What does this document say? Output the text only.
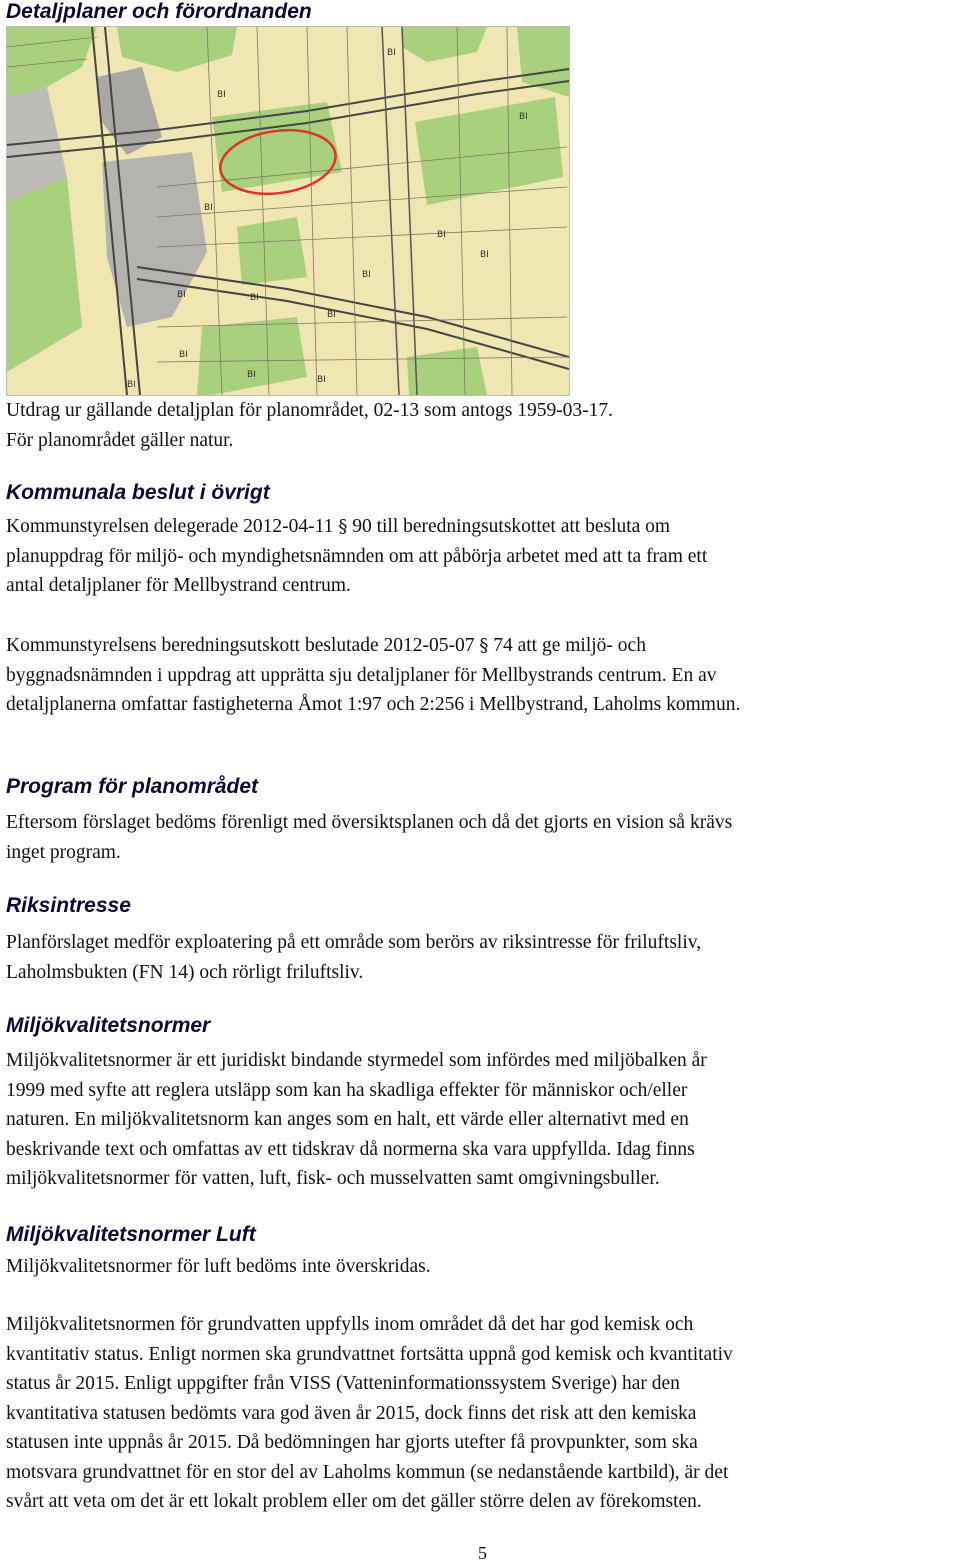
Detaljplaner och förordnanden
BI
BI
BI
BI
BI
BI	BI
BI
BI
BI
BI	BI
BI
BI
Utdrag ur gällande detaljplan för planområdet, 02-13 som antogs 1959-03-17.
För planområdet gäller natur.
Kommunala beslut i övrigt
Kommunstyrelsen delegerade 2012-04-11 § 90 till beredningsutskottet att besluta om
planuppdrag för miljö- och myndighetsnämnden om att påbörja arbetet med att ta fram ett
antal detaljplaner för Mellbystrand centrum.
Kommunstyrelsens beredningsutskott beslutade 2012-05-07 § 74 att ge miljö- och
byggnadsnämnden i uppdrag att upprätta sju detaljplaner för Mellbystrands centrum. En av
detaljplanerna omfattar fastigheterna Åmot 1:97 och 2:256 i Mellbystrand, Laholms kommun.
Program för planområdet
Eftersom förslaget bedöms förenligt med översiktsplanen och då det gjorts en vision så krävs
inget program.
Riksintresse
Planförslaget medför exploatering på ett område som berörs av riksintresse för friluftsliv,
Laholmsbukten (FN 14) och rörligt friluftsliv.
Miljökvalitetsnormer
Miljökvalitetsnormer är ett juridiskt bindande styrmedel som infördes med miljöbalken år
1999 med syfte att reglera utsläpp som kan ha skadliga effekter för människor och/eller
naturen. En miljökvalitetsnorm kan anges som en halt, ett värde eller alternativt med en
beskrivande text och omfattas av ett tidskrav då normerna ska vara uppfyllda. Idag finns
miljökvalitetsnormer för vatten, luft, fisk- och musselvatten samt omgivningsbuller.
Miljökvalitetsnormer Luft
Miljökvalitetsnormer för luft bedöms inte överskridas.
Miljökvalitetsnormen för grundvatten uppfylls inom området då det har god kemisk och
kvantitativ status. Enligt normen ska grundvattnet fortsätta uppnå god kemisk och kvantitativ
status år 2015. Enligt uppgifter från VISS (Vatteninformationssystem Sverige) har den
kvantitativa statusen bedömts vara god även år 2015, dock finns det risk att den kemiska
statusen inte uppnås år 2015. Då bedömningen har gjorts utefter få provpunkter, som ska
motsvara grundvattnet för en stor del av Laholms kommun (se nedanstående kartbild), är det
svårt att veta om det är ett lokalt problem eller om det gäller större delen av förekomsten.
5
